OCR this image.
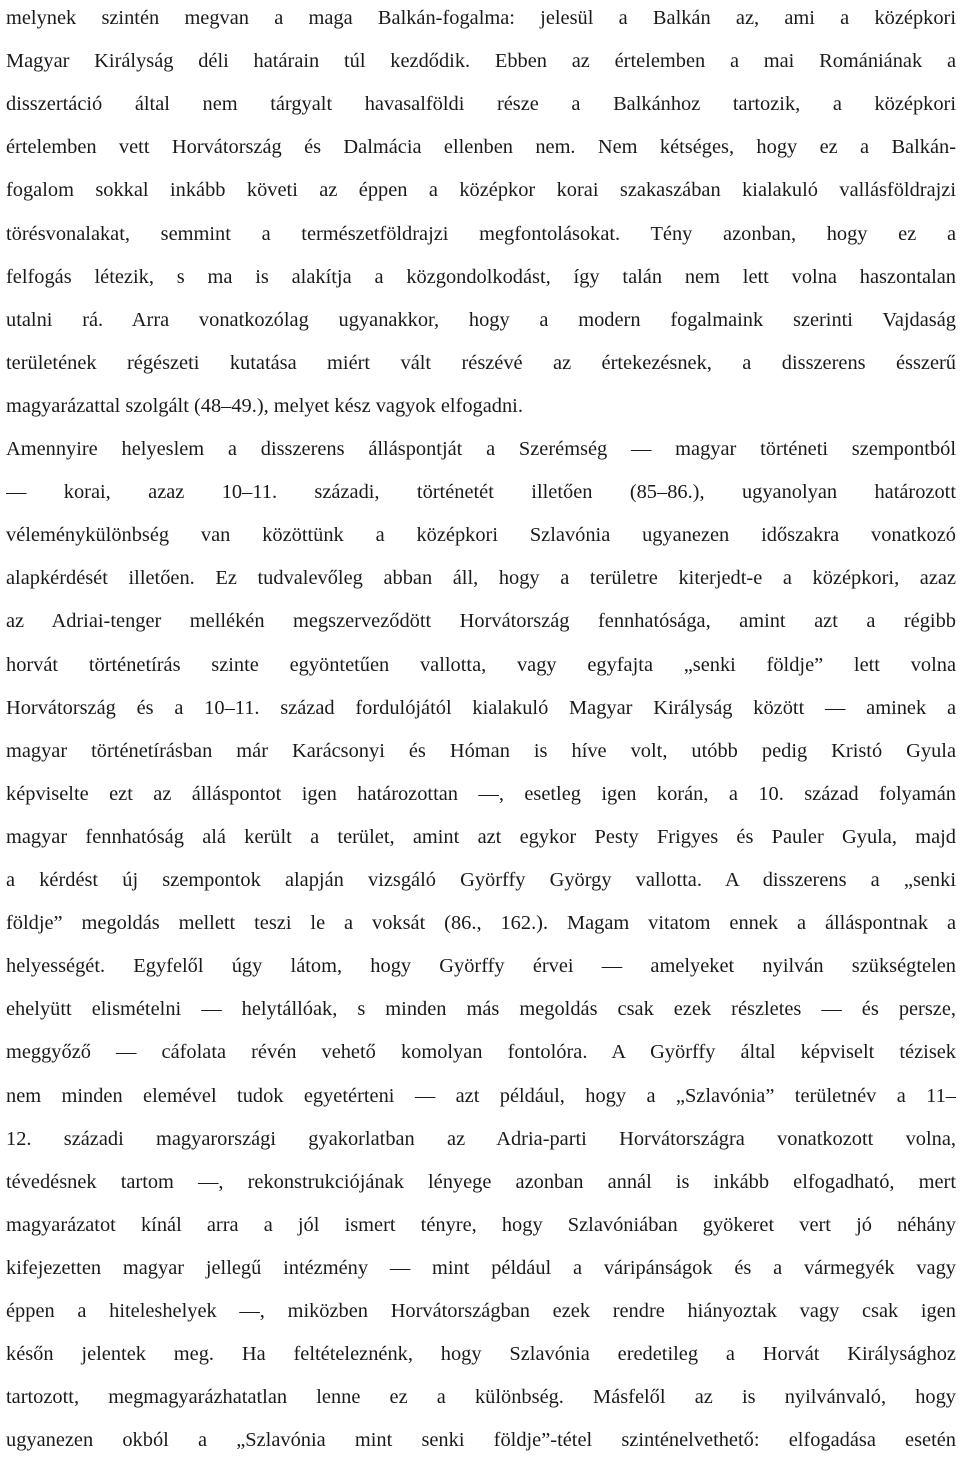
melynek szintén megvan a maga Balkán-fogalma: jelesül a Balkán az, ami a középkori
Magyar Királyság déli határain túl kezdődik. Ebben az értelemben a mai Romániának a
disszertáció által nem tárgyalt havasalföldi része a Balkánhoz tartozik, a középkori
értelemben vett Horvátország és Dalmácia ellenben nem. Nem kétséges, hogy ez a Balkán-
fogalom sokkal inkább követi az éppen a középkor korai szakaszában kialakuló vallásföldrajzi
törésvonalakat, semmint a természetföldrajzi megfontolásokat. Tény azonban, hogy ez a
felfogás létezik, s ma is alakítja a közgondolkodást, így talán nem lett volna haszontalan
utalni rá. Arra vonatkozólag ugyanakkor, hogy a modern fogalmaink szerinti Vajdaság
területének régészeti kutatása miért vált részévé az értekezésnek, a disszerens ésszerű
magyarázattal szolgált (48–49.), melyet kész vagyok elfogadni.
Amennyire helyeslem a disszerens álláspontját a Szerémség — magyar történeti szempontból
— korai, azaz 10–11. századi, történetét illetően (85–86.), ugyanolyan határozott
véleménykülönbség van közöttünk a középkori Szlavónia ugyanezen időszakra vonatkozó
alapkérdését illetően. Ez tudvalevőleg abban áll, hogy a területre kiterjedt-e a középkori, azaz
az Adriai-tenger mellékén megszerveződött Horvátország fennhatósága, amint azt a régibb
horvát történetírás szinte egyöntetűen vallotta, vagy egyfajta „senki földje” lett volna
Horvátország és a 10–11. század fordulójától kialakuló Magyar Királyság között — aminek a
magyar történetírásban már Karácsonyi és Hóman is híve volt, utóbb pedig Kristó Gyula
képviselte ezt az álláspontot igen határozottan —, esetleg igen korán, a 10. század folyamán
magyar fennhatóság alá került a terület, amint azt egykor Pesty Frigyes és Pauler Gyula, majd
a kérdést új szempontok alapján vizsgáló Györffy György vallotta. A disszerens a „senki
földje” megoldás mellett teszi le a voksát (86., 162.). Magam vitatom ennek a álláspontnak a
helyességét. Egyfelől úgy látom, hogy Györffy érvei — amelyeket nyilván szükségtelen
ehelyütt elismételni — helytállóak, s minden más megoldás csak ezek részletes — és persze,
meggyőző — cáfolata révén vehető komolyan fontolóra. A Györffy által képviselt tézisek
nem minden elemével tudok egyetérteni — azt például, hogy a „Szlavónia” területnév a 11–
12. századi magyarországi gyakorlatban az Adria-parti Horvátországra vonatkozott volna,
tévedésnek tartom —, rekonstrukciójának lényege azonban annál is inkább elfogadható, mert
magyarázatot kínál arra a jól ismert tényre, hogy Szlavóniában gyökeret vert jó néhány
kifejezetten magyar jellegű intézmény — mint például a váripánságok és a vármegyék vagy
éppen a hiteleshelyek —, miközben Horvátországban ezek rendre hiányoztak vagy csak igen
későn jelentek meg. Ha feltételeznénk, hogy Szlavónia eredetileg a Horvát Királysághoz
tartozott, megmagyarázhatatlan lenne ez a különbség. Másfelől az is nyilvánvaló, hogy
ugyanezen okból a „Szlavónia mint senki földje”-tétel szinténelvethető: elfogadása esetén
